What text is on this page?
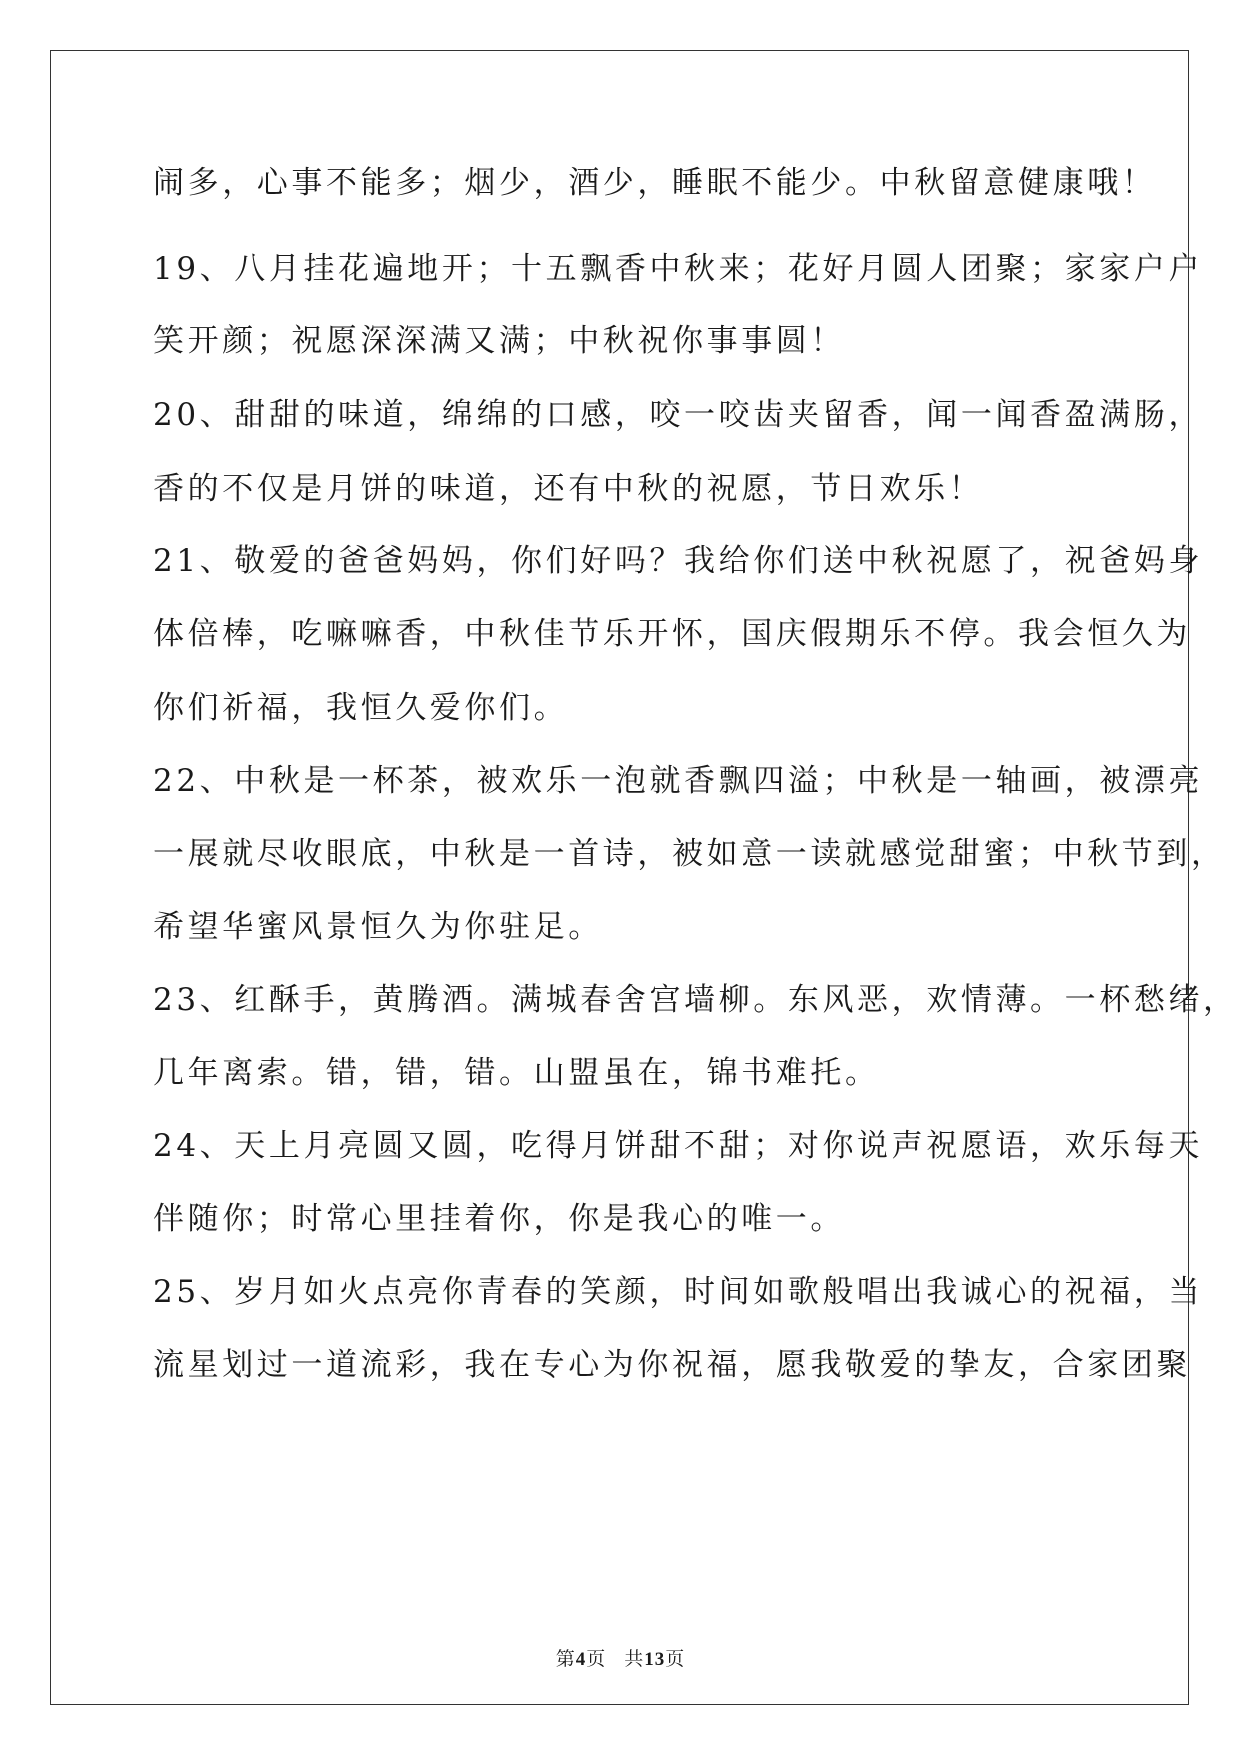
闹多，心事不能多；烟少，酒少，睡眠不能少。中秋留意健康哦！
19、八月挂花遍地开；十五飘香中秋来；花好月圆人团聚；家家户户
笑开颜；祝愿深深满又满；中秋祝你事事圆！
20、甜甜的味道，绵绵的口感，咬一咬齿夹留香，闻一闻香盈满肠，
香的不仅是月饼的味道，还有中秋的祝愿，节日欢乐！
21、敬爱的爸爸妈妈，你们好吗？我给你们送中秋祝愿了，祝爸妈身
体倍棒，吃嘛嘛香，中秋佳节乐开怀，国庆假期乐不停。我会恒久为
你们祈福，我恒久爱你们。
22、中秋是一杯茶，被欢乐一泡就香飘四溢；中秋是一轴画，被漂亮
一展就尽收眼底，中秋是一首诗，被如意一读就感觉甜蜜；中秋节到，
希望华蜜风景恒久为你驻足。
23、红酥手，黄腾酒。满城春舍宫墙柳。东风恶，欢情薄。一杯愁绪，
几年离索。错，错，错。山盟虽在，锦书难托。
24、天上月亮圆又圆，吃得月饼甜不甜；对你说声祝愿语，欢乐每天
伴随你；时常心里挂着你，你是我心的唯一。
25、岁月如火点亮你青春的笑颜，时间如歌般唱出我诚心的祝福，当
流星划过一道流彩，我在专心为你祝福，愿我敬爱的挚友，合家团聚
第4页 共13页
